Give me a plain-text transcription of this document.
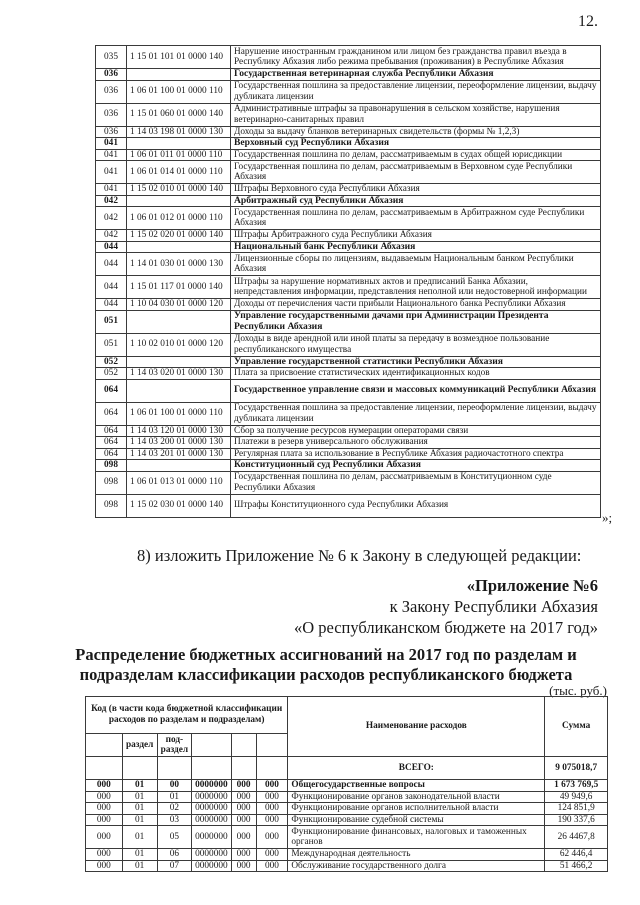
12.
035	1 15 01 101 01 0000 140	Нарушение иностранным гражданином или лицом без гражданства правил въезда в Республику Абхазия либо режима пребывания (проживания) в Республике Абхазия
036		Государственная ветеринарная служба Республики Абхазия
036	1 06 01 100 01 0000 110	Государственная пошлина за предоставление лицензии, переоформление лицензии, выдачу дубликата лицензии
036	1 15 01 060 01 0000 140	Административные штрафы за правонарушения в сельском хозяйстве, нарушения ветеринарно-санитарных правил
036	1 14 03 198 01 0000 130	Доходы за выдачу бланков ветеринарных свидетельств (формы № 1,2,3)
041		Верховный суд Республики Абхазия
041	1 06 01 011 01 0000 110	Государственная пошлина по делам, рассматриваемым в судах общей юрисдикции
041	1 06 01 014 01 0000 110	Государственная пошлина по делам, рассматриваемым в Верховном суде Республики Абхазия
041	1 15 02 010 01 0000 140	Штрафы Верховного суда Республики Абхазия
042		Арбитражный суд Республики Абхазия
042	1 06 01 012 01 0000 110	Государственная пошлина по делам, рассматриваемым в Арбитражном суде Республики Абхазия
042	1 15 02 020 01 0000 140	Штрафы Арбитражного суда Республики Абхазия
044		Национальный банк Республики Абхазия
044	1 14 01 030 01 0000 130	Лицензионные сборы по лицензиям, выдаваемым Национальным банком Республики Абхазия
044	1 15 01 117 01 0000 140	Штрафы за нарушение нормативных актов и предписаний Банка Абхазии, непредставления информации, представления неполной или недостоверной информации
044	1 10 04 030 01 0000 120	Доходы от перечисления части прибыли Национального банка Республики Абхазия
051		Управление государственными дачами при Администрации Президента Республики Абхазия
051	1 10 02 010 01 0000 120	Доходы в виде арендной или иной платы за передачу в возмездное пользование республиканского имущества
052		Управление государственной статистики Республики Абхазия
052	1 14 03 020 01 0000 130	Плата за присвоение статистических идентификационных кодов
064		Государственное управление связи и массовых коммуникаций Республики Абхазия
064	1 06 01 100 01 0000 110	Государственная пошлина за предоставление лицензии, переоформление лицензии, выдачу дубликата лицензии
064	1 14 03 120 01 0000 130	Сбор за получение ресурсов нумерации операторами связи
064	1 14 03 200 01 0000 130	Платежи в резерв универсального обслуживания
064	1 14 03 201 01 0000 130	Регулярная плата за использование в Республике Абхазия радиочастотного спектра
098		Конституционный суд Республики Абхазия
098	1 06 01 013 01 0000 110	Государственная пошлина по делам, рассматриваемым в Конституционном суде Республики Абхазия
098	1 15 02 030 01 0000 140	Штрафы Конституционного суда Республики Абхазия
»;
8) изложить Приложение № 6 к Закону в следующей редакции:
«Приложение №6
к Закону Республики Абхазия
«О республиканском бюджете на 2017 год»
Распределение бюджетных ассигнований на 2017 год по разделам и
подразделам классификации расходов республиканского бюджета
(тыс. руб.)
Код (в части кода бюджетной классификации расходов по разделам и подразделам)						Наименование расходов	Сумма
	раздел	под-раздел					
						ВСЕГО:	9 075018,7
000	01	00	0000000	000	000	Общегосударственные вопросы	1 673 769,5
000	01	01	0000000	000	000	Функционирование органов законодательной власти	49 949,6
000	01	02	0000000	000	000	Функционирование органов исполнительной власти	124 851,9
000	01	03	0000000	000	000	Функционирование судебной системы	190 337,6
000	01	05	0000000	000	000	Функционирование финансовых, налоговых и таможенных органов	26 4467,8
000	01	06	0000000	000	000	Международная деятельность	62 446,4
000	01	07	0000000	000	000	Обслуживание государственного долга	51 466,2
